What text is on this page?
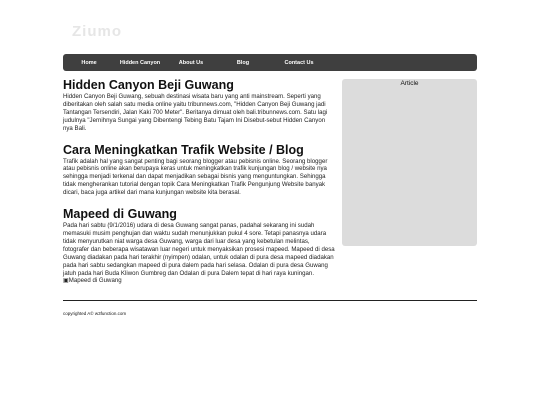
Ziumo
Home	Hidden Canyon	About Us	Blog	Contact Us
Hidden Canyon Beji Guwang

Hidden Canyon Beji Guwang, sebuah destinasi wisata baru yang anti mainstream. Seperti yang diberitakan oleh salah satu media online yaitu tribunnews.com, "Hidden Canyon Beji Guwang jadi Tantangan Tersendiri, Jalan Kaki 700 Meter". Beritanya dimuat oleh bali.tribunnews.com. Satu lagi judulnya "Jernihnya Sungai yang Dibentengi Tebing Batu Tajam Ini Disebut-sebut Hidden Canyon nya Bali.

Cara Meningkatkan Trafik Website / Blog

Trafik adalah hal yang sangat penting bagi seorang blogger atau pebisnis online. Seorang blogger atau pebisnis online akan berupaya keras untuk meningkatkan trafik kunjungan blog / website nya sehingga menjadi terkenal dan dapat menjadikan sebagai bisnis yang menguntungkan. Sehingga tidak mengherankan tutorial dengan topik Cara Meningkatkan Trafik Pengunjung Website banyak dicari, baca juga artikel dari mana kunjungan website kita berasal.

Mapeed di Guwang

Pada hari sabtu (9/1/2016) udara di desa Guwang sangat panas, padahal sekarang ini sudah memasuki musim penghujan dan waktu sudah menunjukkan pukul 4 sore. Tetapi panasnya udara tidak menyurutkan niat warga desa Guwang, warga dari luar desa yang kebetulan melintas, fotografer dan beberapa wisatawan luar negeri untuk menyaksikan prosesi mapeed. Mapeed di desa Guwang diadakan pada hari terakhir (nyimpen) odalan, untuk odalan di pura desa mapeed diadakan pada hari sabtu sedangkan mapeed di pura dalem pada hari selasa. Odalan di pura desa Guwang jatuh pada hari Buda Kliwon Gumbreg dan Odalan di pura Dalem tepat di hari raya kuningan. ▣Mapeed di Guwang

Article
copyrighted A© w3function.com
